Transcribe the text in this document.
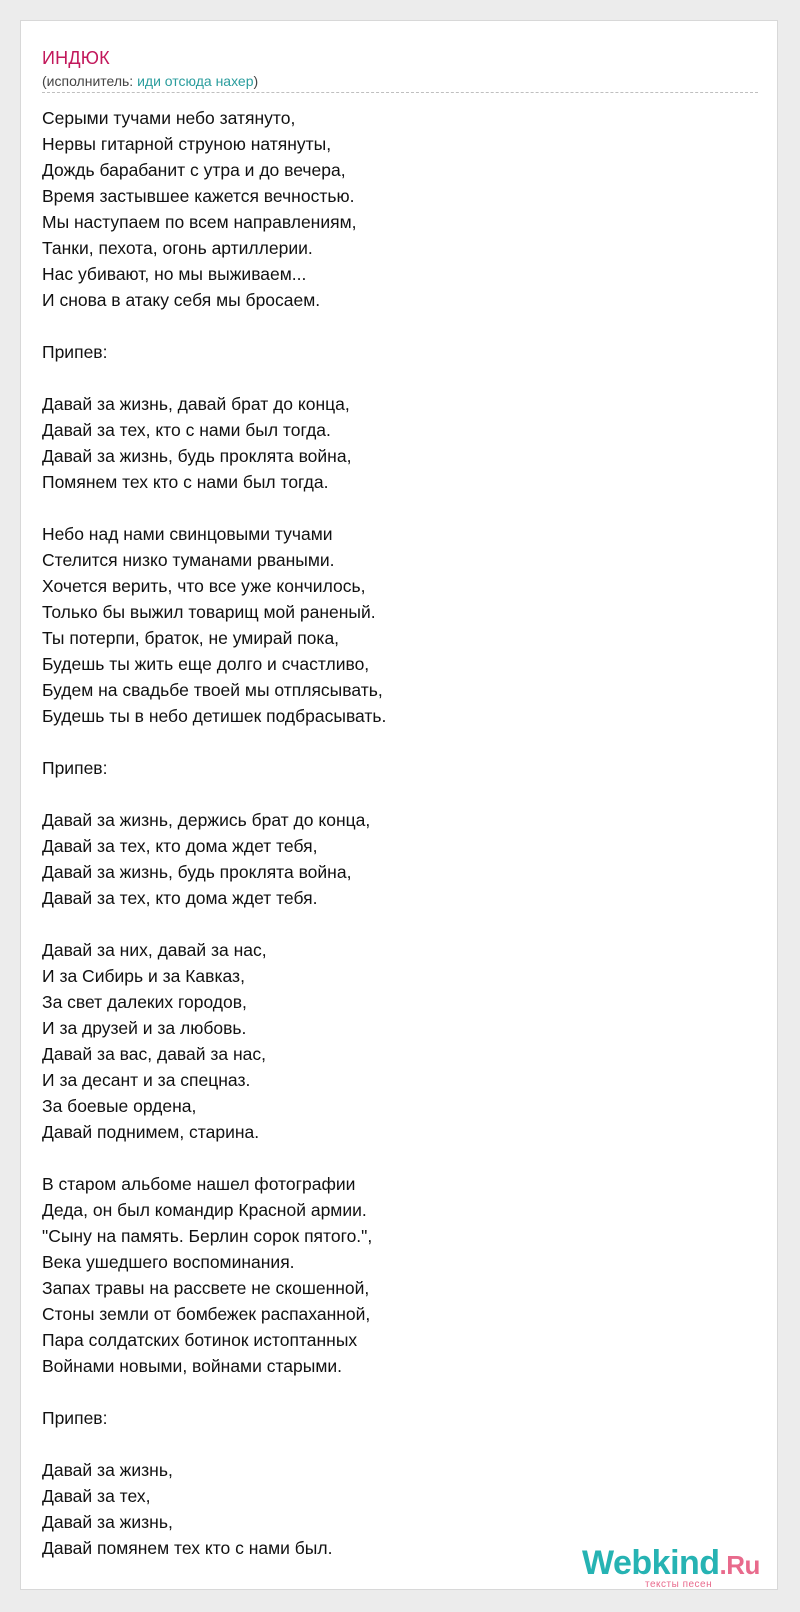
ИНДЮК
(исполнитель: иди отсюда нахер)
Серыми тучами небо затянуто,
Нервы гитарной струною натянуты,
Дождь барабанит с утра и до вечера,
Время застывшее кажется вечностью.
Мы наступаем по всем направлениям,
Танки, пехота, огонь артиллерии.
Нас убивают, но мы выживаем...
И снова в атаку себя мы бросаем.
Припев:
Давай за жизнь, давай брат до конца,
Давай за тех, кто с нами был тогда.
Давай за жизнь, будь проклята война,
Помянем тех кто с нами был тогда.
Небо над нами свинцовыми тучами
Стелится низко туманами рваными.
Хочется верить, что все уже кончилось,
Только бы выжил товарищ мой раненый.
Ты потерпи, браток, не умирай пока,
Будешь ты жить еще долго и счастливо,
Будем на свадьбе твоей мы отплясывать,
Будешь ты в небо детишек подбрасывать.
Припев:
Давай за жизнь, держись брат до конца,
Давай за тех, кто дома ждет тебя,
Давай за жизнь, будь проклята война,
Давай за тех, кто дома ждет тебя.
Давай за них, давай за нас,
И за Сибирь и за Кавказ,
За свет далеких городов,
И за друзей и за любовь.
Давай за вас, давай за нас,
И за десант и за спецназ.
За боевые ордена,
Давай поднимем, старина.
В старом альбоме нашел фотографии
Деда, он был командир Красной армии.
"Сыну на память. Берлин сорок пятого.",
Века ушедшего воспоминания.
Запах травы на рассвете не скошенной,
Стоны земли от бомбежек распаханной,
Пара солдатских ботинок истоптанных
Войнами новыми, войнами старыми.
Припев:
Давай за жизнь,
Давай за тех,
Давай за жизнь,
Давай помянем тех кто с нами был.	Webkind.Ru
тексты песен
